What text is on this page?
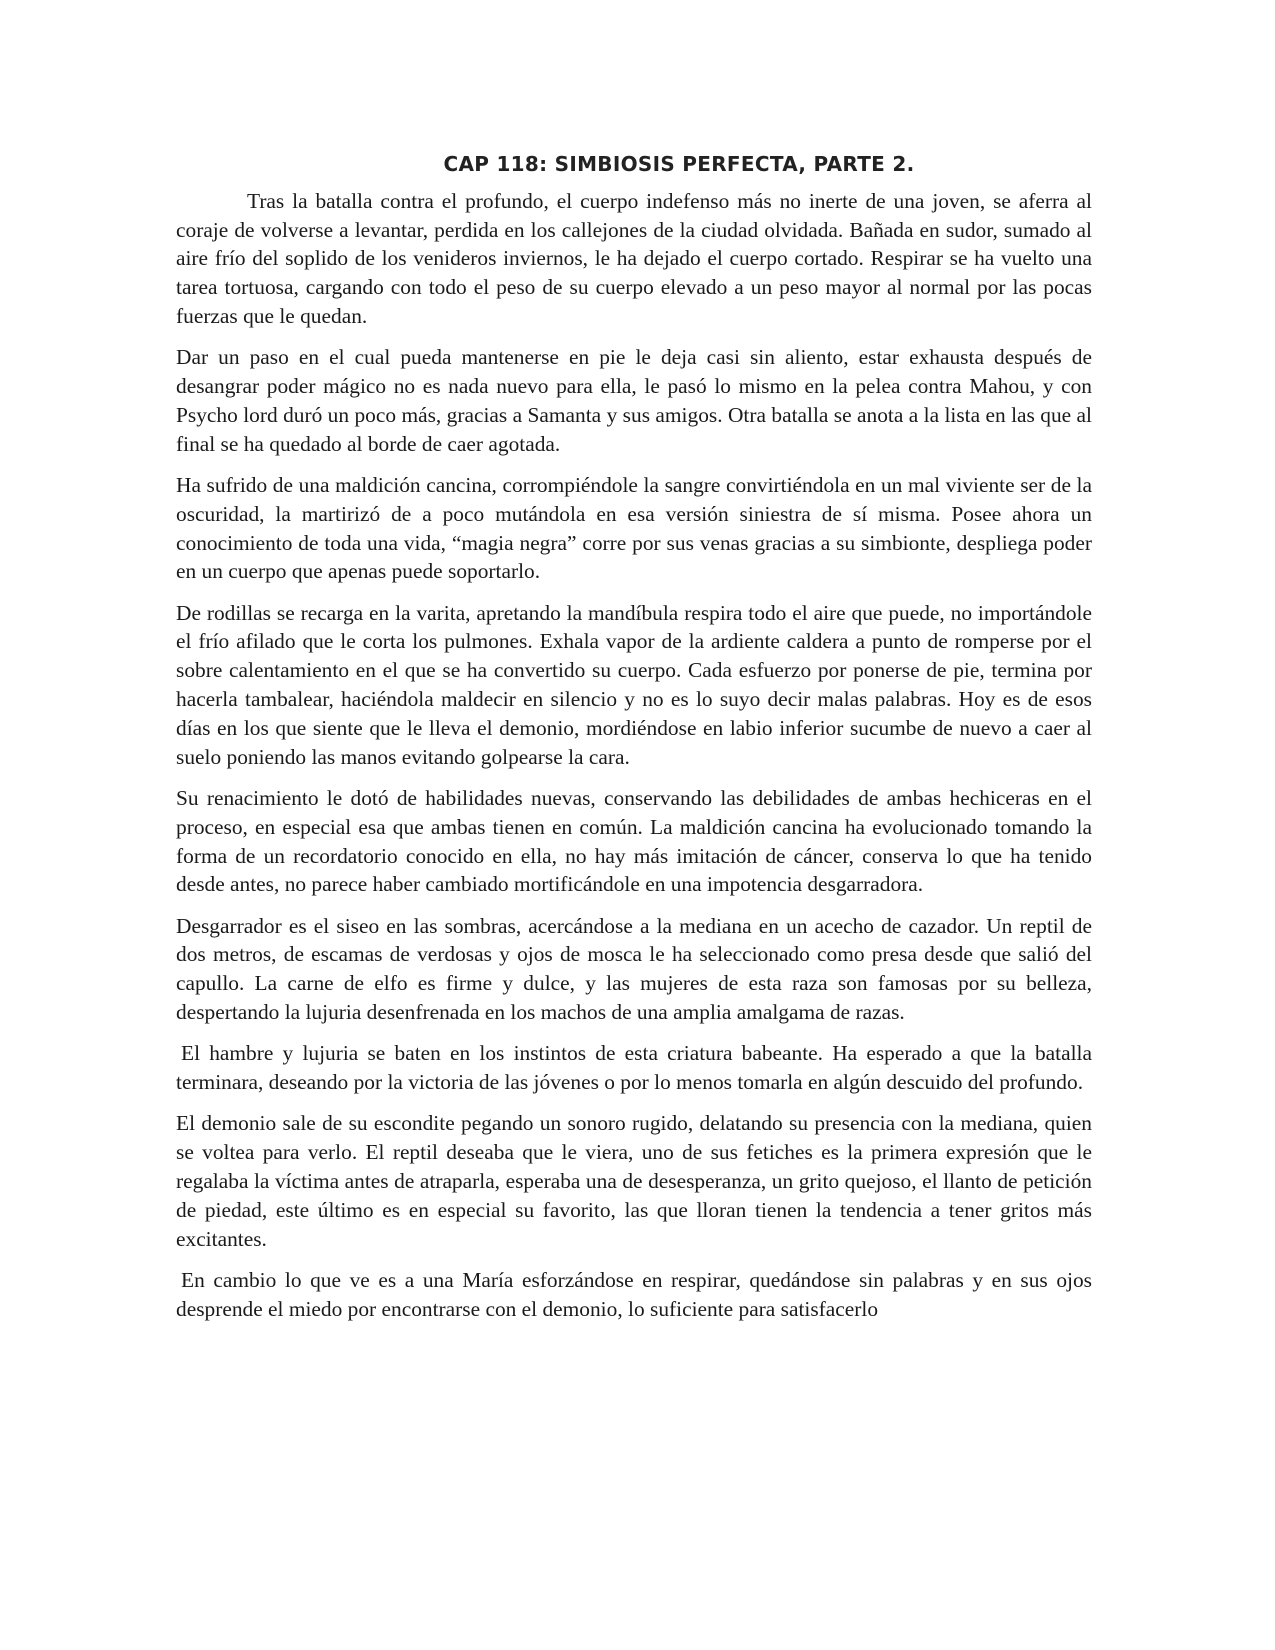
CAP 118: SIMBIOSIS PERFECTA, PARTE 2.

Tras la batalla contra el profundo, el cuerpo indefenso más no inerte de una joven, se aferra al coraje de volverse a levantar, perdida en los callejones de la ciudad olvidada. Bañada en sudor, sumado al aire frío del soplido de los venideros inviernos, le ha dejado el cuerpo cortado. Respirar se ha vuelto una tarea tortuosa, cargando con todo el peso de su cuerpo elevado a un peso mayor al normal por las pocas fuerzas que le quedan.

Dar un paso en el cual pueda mantenerse en pie le deja casi sin aliento, estar exhausta después de desangrar poder mágico no es nada nuevo para ella, le pasó lo mismo en la pelea contra Mahou, y con Psycho lord duró un poco más, gracias a Samanta y sus amigos. Otra batalla se anota a la lista en las que al final se ha quedado al borde de caer agotada.

Ha sufrido de una maldición cancina, corrompiéndole la sangre convirtiéndola en un mal viviente ser de la oscuridad, la martirizó de a poco mutándola en esa versión siniestra de sí misma. Posee ahora un conocimiento de toda una vida, “magia negra” corre por sus venas gracias a su simbionte, despliega poder en un cuerpo que apenas puede soportarlo.

De rodillas se recarga en la varita, apretando la mandíbula respira todo el aire que puede, no importándole el frío afilado que le corta los pulmones. Exhala vapor de la ardiente caldera a punto de romperse por el sobre calentamiento en el que se ha convertido su cuerpo. Cada esfuerzo por ponerse de pie, termina por hacerla tambalear, haciéndola maldecir en silencio y no es lo suyo decir malas palabras. Hoy es de esos días en los que siente que le lleva el demonio, mordiéndose en labio inferior sucumbe de nuevo a caer al suelo poniendo las manos evitando golpearse la cara.

Su renacimiento le dotó de habilidades nuevas, conservando las debilidades de ambas hechiceras en el proceso, en especial esa que ambas tienen en común. La maldición cancina ha evolucionado tomando la forma de un recordatorio conocido en ella, no hay más imitación de cáncer, conserva lo que ha tenido desde antes, no parece haber cambiado mortificándole en una impotencia desgarradora.

Desgarrador es el siseo en las sombras, acercándose a la mediana en un acecho de cazador. Un reptil de dos metros, de escamas de verdosas y ojos de mosca le ha seleccionado como presa desde que salió del capullo. La carne de elfo es firme y dulce, y las mujeres de esta raza son famosas por su belleza, despertando la lujuria desenfrenada en los machos de una amplia amalgama de razas.

El hambre y lujuria se baten en los instintos de esta criatura babeante. Ha esperado a que la batalla terminara, deseando por la victoria de las jóvenes o por lo menos tomarla en algún descuido del profundo.

El demonio sale de su escondite pegando un sonoro rugido, delatando su presencia con la mediana, quien se voltea para verlo. El reptil deseaba que le viera, uno de sus fetiches es la primera expresión que le regalaba la víctima antes de atraparla, esperaba una de desesperanza, un grito quejoso, el llanto de petición de piedad, este último es en especial su favorito, las que lloran tienen la tendencia a tener gritos más excitantes.

En cambio lo que ve es a una María esforzándose en respirar, quedándose sin palabras y en sus ojos desprende el miedo por encontrarse con el demonio, lo suficiente para satisfacerlo
